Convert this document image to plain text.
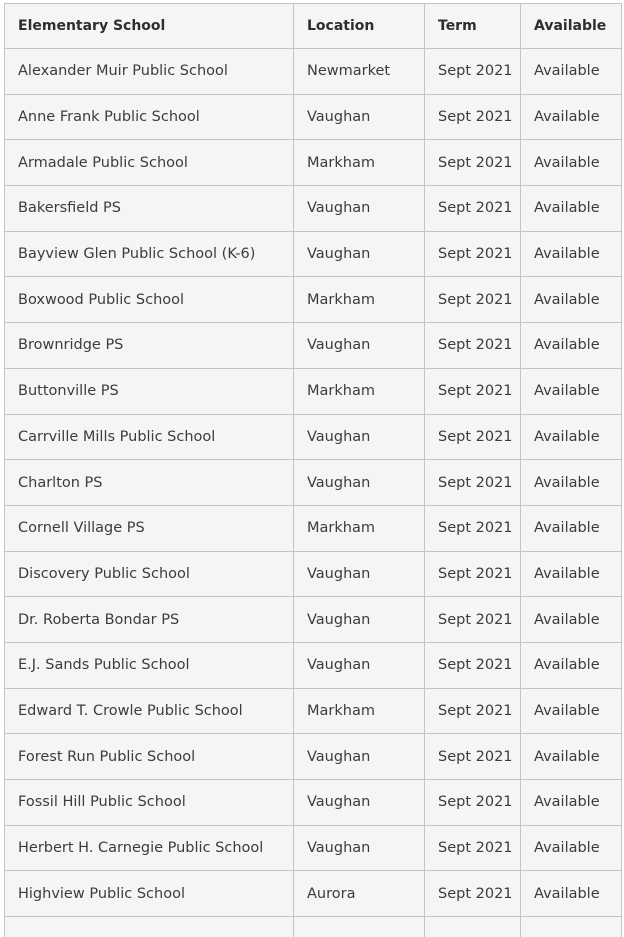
Elementary School	Location	Term	Available
Alexander Muir Public School	Newmarket	Sept 2021	Available
Anne Frank Public School	Vaughan	Sept 2021	Available
Armadale Public School	Markham	Sept 2021	Available
Bakersfield PS	Vaughan	Sept 2021	Available
Bayview Glen Public School (K-6)	Vaughan	Sept 2021	Available
Boxwood Public School	Markham	Sept 2021	Available
Brownridge PS	Vaughan	Sept 2021	Available
Buttonville PS	Markham	Sept 2021	Available
Carrville Mills Public School	Vaughan	Sept 2021	Available
Charlton PS	Vaughan	Sept 2021	Available
Cornell Village PS	Markham	Sept 2021	Available
Discovery Public School	Vaughan	Sept 2021	Available
Dr. Roberta Bondar PS	Vaughan	Sept 2021	Available
E.J. Sands Public School	Vaughan	Sept 2021	Available
Edward T. Crowle Public School	Markham	Sept 2021	Available
Forest Run Public School	Vaughan	Sept 2021	Available
Fossil Hill Public School	Vaughan	Sept 2021	Available
Herbert H. Carnegie Public School	Vaughan	Sept 2021	Available
Highview Public School	Aurora	Sept 2021	Available
